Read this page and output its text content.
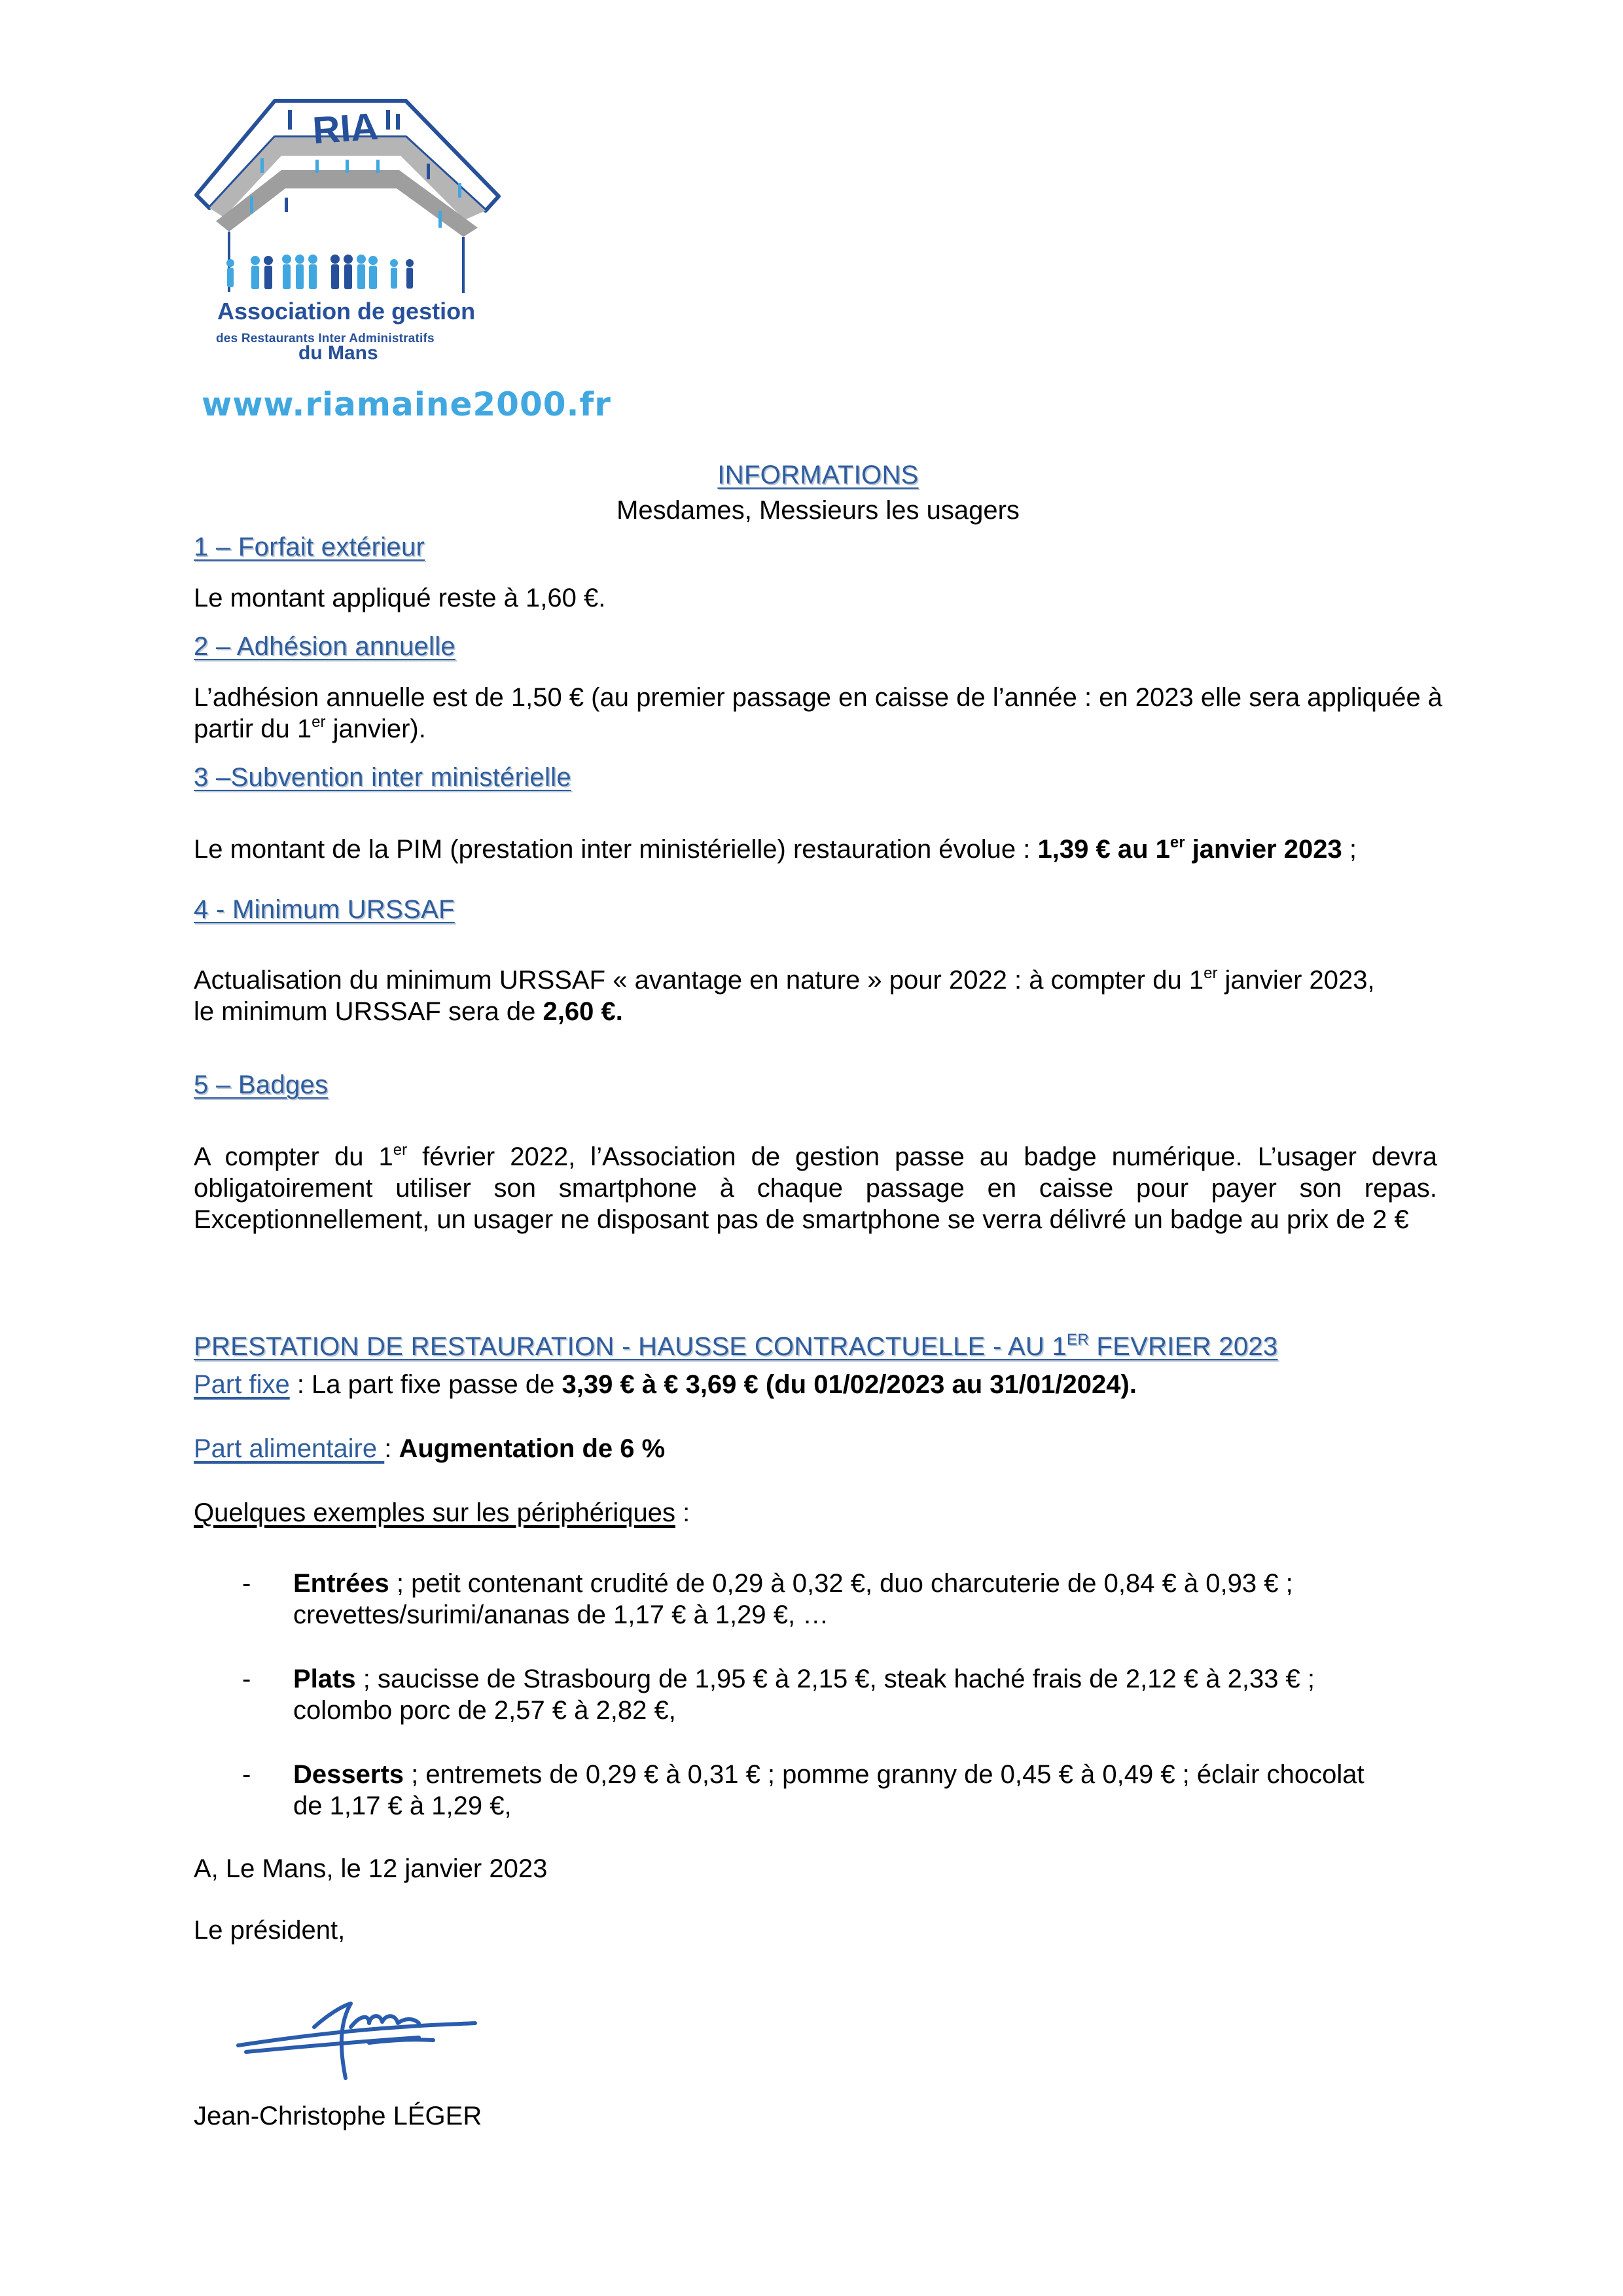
RIA
Association de gestion
des Restaurants Inter Administratifs
du Mans
www.riamaine2000.fr
INFORMATIONS
Mesdames, Messieurs les usagers
1 – Forfait extérieur
Le montant appliqué reste à 1,60 €.
2 – Adhésion annuelle
L’adhésion annuelle est de 1,50 € (au premier passage en caisse de l’année : en 2023 elle sera appliquée à partir du 1er janvier).
3 –Subvention inter ministérielle
Le montant de la PIM (prestation inter ministérielle) restauration évolue : 1,39 € au 1er janvier 2023 ;
4 - Minimum URSSAF
Actualisation du minimum URSSAF « avantage en nature » pour 2022 : à compter du 1er janvier 2023,
le minimum URSSAF sera de 2,60 €.
5 – Badges
A compter du 1er février 2022, l’Association de gestion passe au badge numérique. L’usager devra obligatoirement utiliser son smartphone à chaque passage en caisse pour payer son repas. Exceptionnellement, un usager ne disposant pas de smartphone se verra délivré un badge au prix de 2 €
PRESTATION DE RESTAURATION - HAUSSE CONTRACTUELLE - AU 1ER FEVRIER 2023
Part fixe : La part fixe passe de 3,39 € à € 3,69 € (du 01/02/2023 au 31/01/2024).
Part alimentaire : Augmentation de 6 %
Quelques exemples sur les périphériques :
- Entrées ; petit contenant crudité de 0,29 à 0,32 €, duo charcuterie de 0,84 € à 0,93 € ;
crevettes/surimi/ananas de 1,17 € à 1,29 €, …
- Plats ; saucisse de Strasbourg de 1,95 € à 2,15 €, steak haché frais de 2,12 € à 2,33 € ;
colombo porc de 2,57 € à 2,82 €,
- Desserts ; entremets de 0,29 € à 0,31 € ; pomme granny de 0,45 € à 0,49 € ; éclair chocolat
de 1,17 € à 1,29 €,
A, Le Mans, le 12 janvier 2023
Le président,
Jean-Christophe LÉGER
